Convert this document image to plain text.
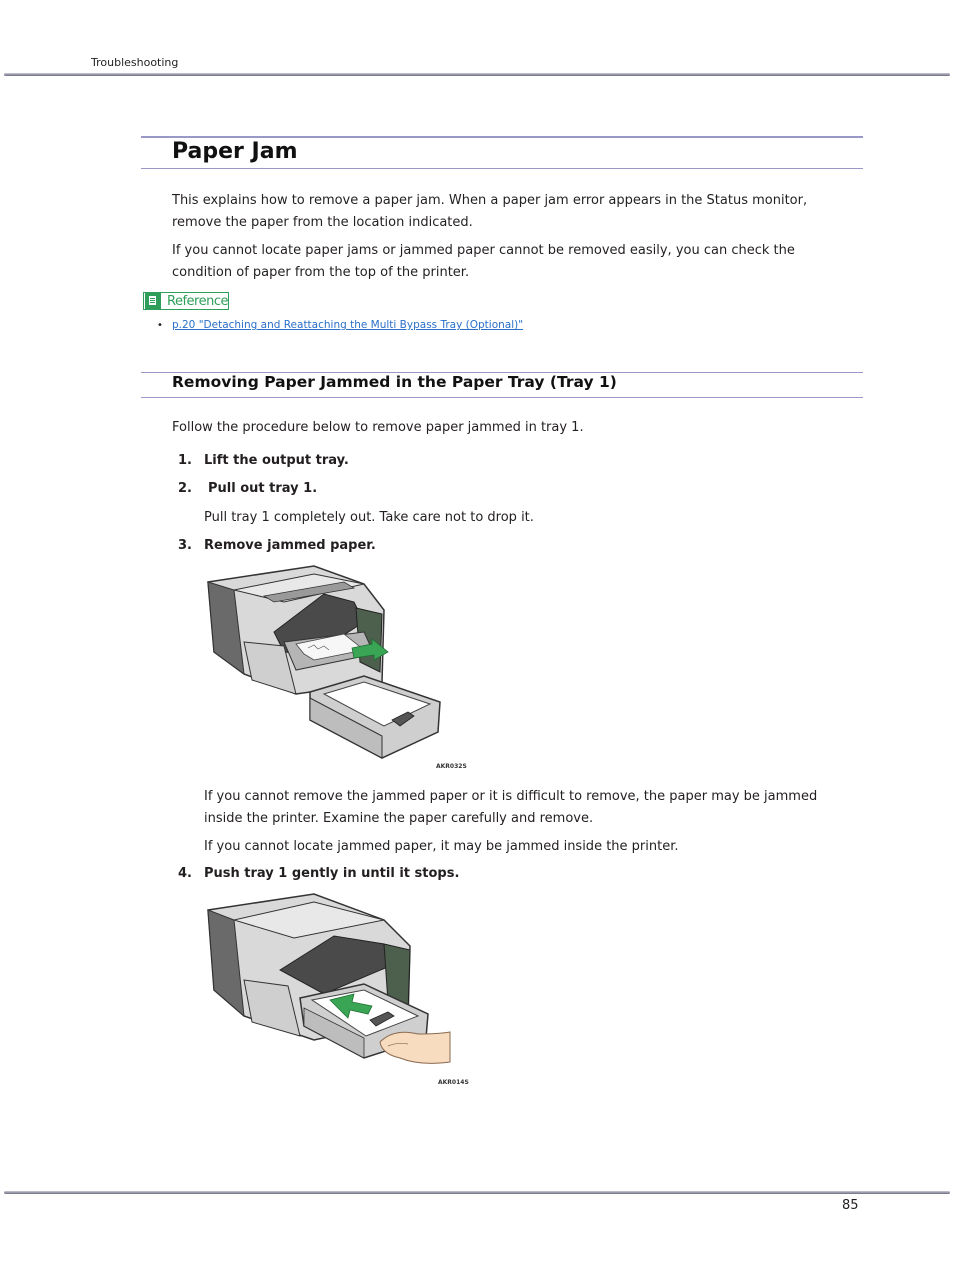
Troubleshooting
Paper Jam
This explains how to remove a paper jam. When a paper jam error appears in the Status monitor, remove the paper from the location indicated.
If you cannot locate paper jams or jammed paper cannot be removed easily, you can check the condition of paper from the top of the printer.
Reference
• p.20 "Detaching and Reattaching the Multi Bypass Tray (Optional)"
Removing Paper Jammed in the Paper Tray (Tray 1)
Follow the procedure below to remove paper jammed in tray 1.
1. Lift the output tray.
2. Pull out tray 1.
Pull tray 1 completely out. Take care not to drop it.
3. Remove jammed paper.
AKR032S
If you cannot remove the jammed paper or it is difficult to remove, the paper may be jammed inside the printer. Examine the paper carefully and remove.
If you cannot locate jammed paper, it may be jammed inside the printer.
4. Push tray 1 gently in until it stops.
AKR014S
85
